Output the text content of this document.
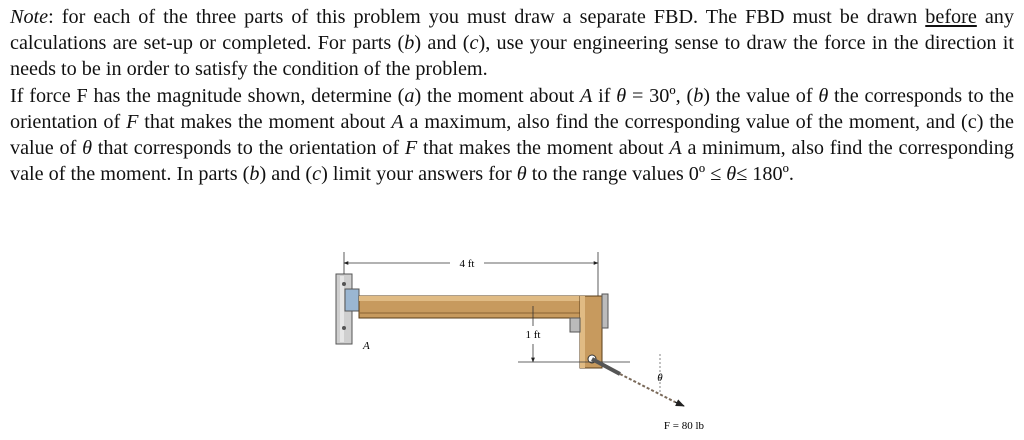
Note: for each of the three parts of this problem you must draw a separate FBD. The FBD must be drawn before any calculations are set-up or completed. For parts (b) and (c), use your engineering sense to draw the force in the direction it needs to be in order to satisfy the condition of the problem.

If force F has the magnitude shown, determine (a) the moment about A if θ = 30º, (b) the value of θ the corresponds to the orientation of F that makes the moment about A a maximum, also find the corresponding value of the moment, and (c) the value of θ that corresponds to the orientation of F that makes the moment about A a minimum, also find the corresponding vale of the moment. In parts (b) and (c) limit your answers for θ to the range values 0º ≤ θ≤ 180º.

4 ft
1 ft
A
F = 80 lb
θ
